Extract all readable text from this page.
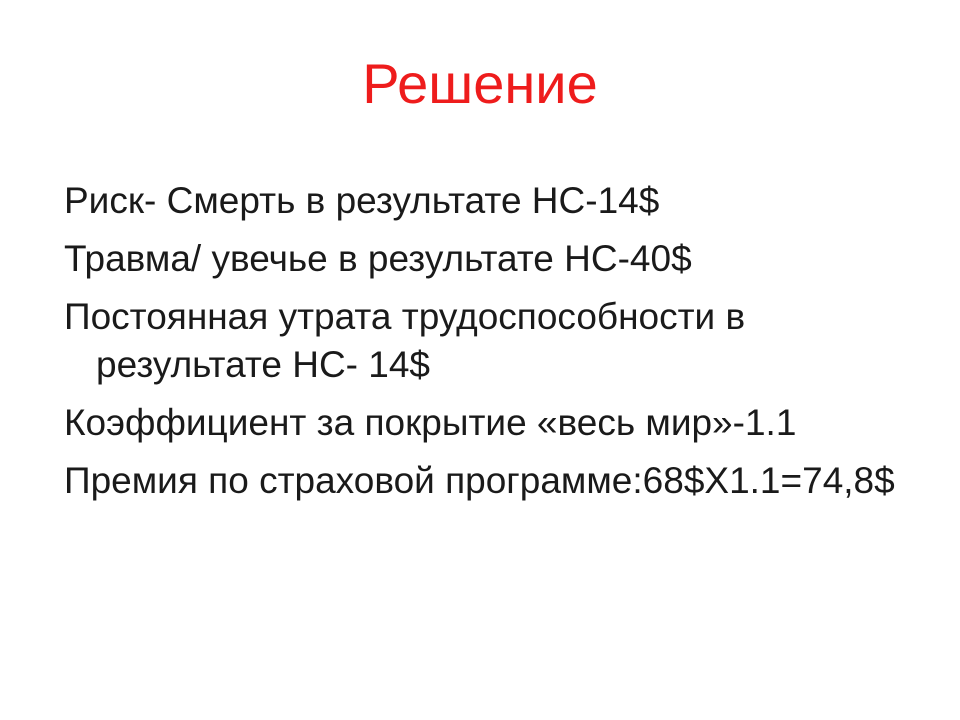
Решение
Риск- Смерть в результате НС-14$
Травма/ увечье в результате НС-40$
Постоянная утрата трудоспособности в результате НС- 14$
Коэффициент за покрытие «весь мир»-1.1
Премия по страховой программе:68$X1.1=74,8$
